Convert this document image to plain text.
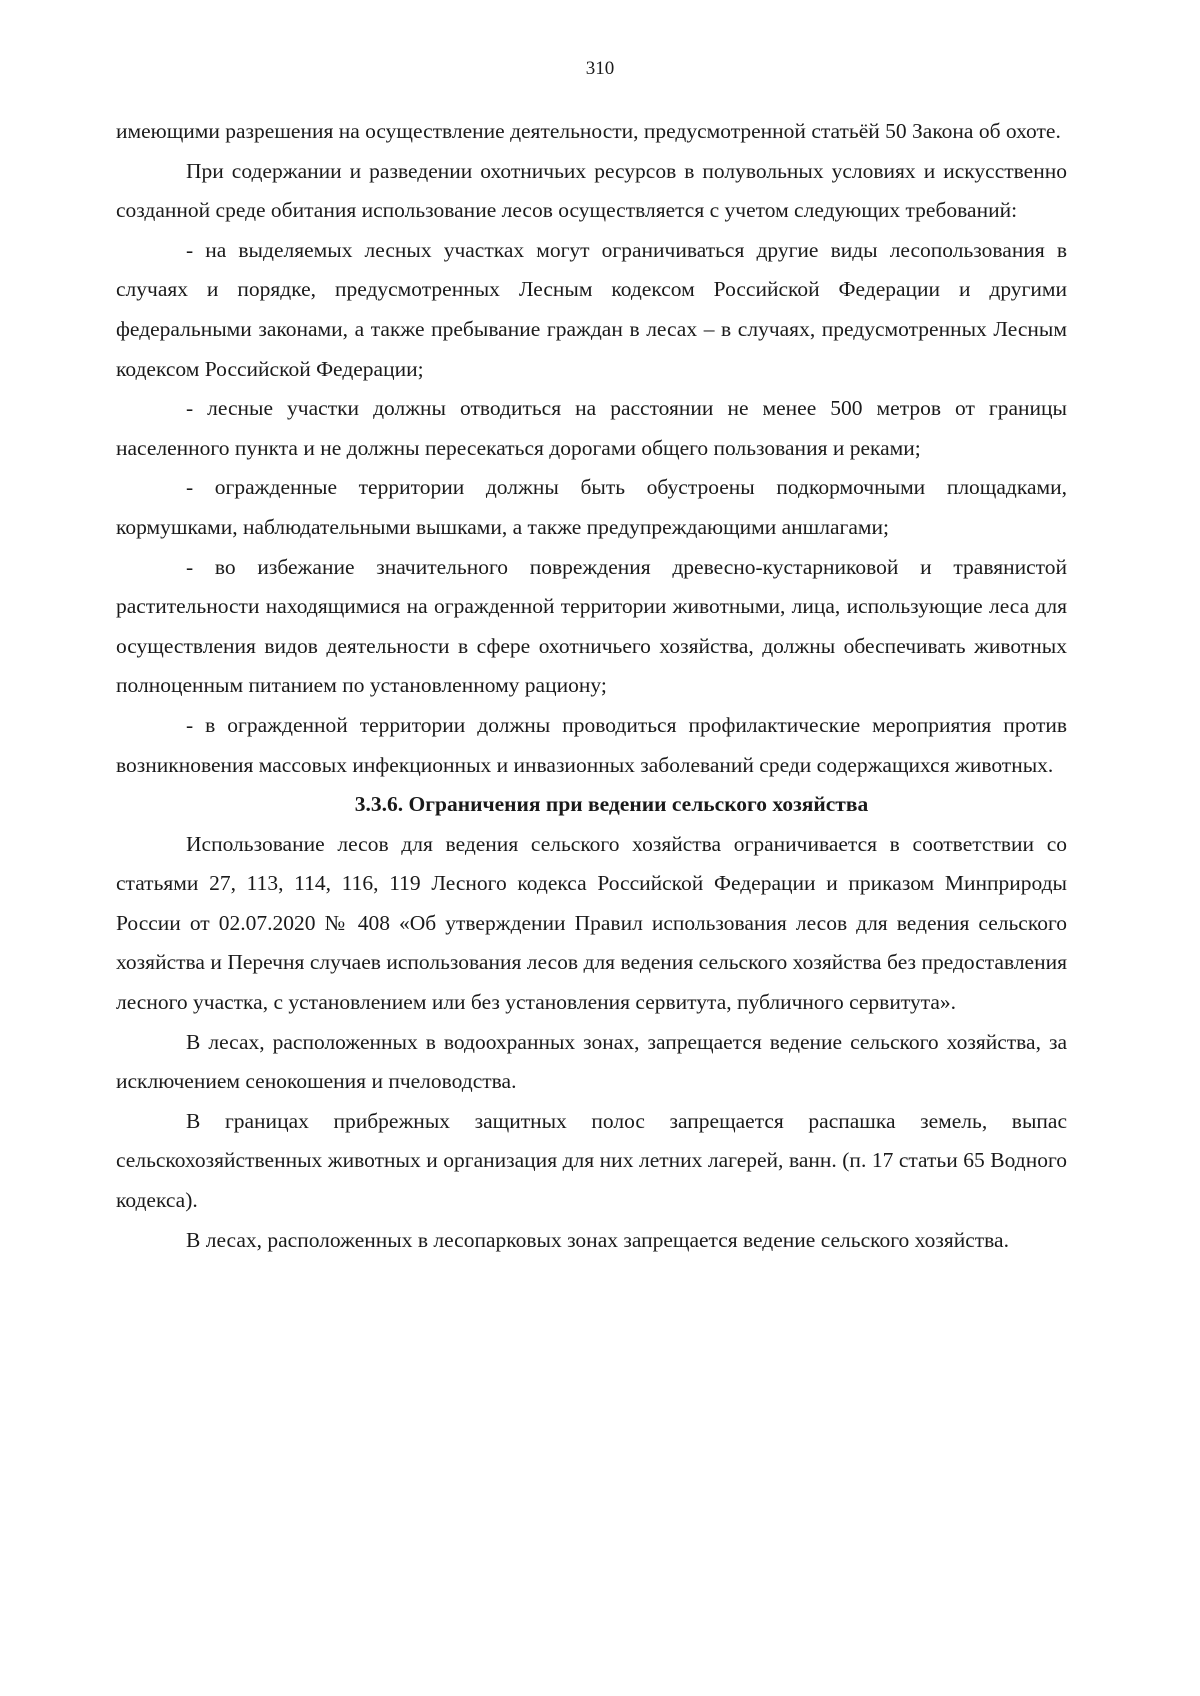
310

имеющими разрешения на осуществление деятельности, предусмотренной статьёй 50 Закона об охоте.

При содержании и разведении охотничьих ресурсов в полувольных условиях и искусственно созданной среде обитания использование лесов осуществляется с учетом следующих требований:

- на выделяемых лесных участках могут ограничиваться другие виды лесопользования в случаях и порядке, предусмотренных Лесным кодексом Российской Федерации и другими федеральными законами, а также пребывание граждан в лесах – в случаях, предусмотренных Лесным кодексом Российской Федерации;

- лесные участки должны отводиться на расстоянии не менее 500 метров от границы населенного пункта и не должны пересекаться дорогами общего пользования и реками;

- огражденные территории должны быть обустроены подкормочными площадками, кормушками, наблюдательными вышками, а также предупреждающими аншлагами;

- во избежание значительного повреждения древесно-кустарниковой и травянистой растительности находящимися на огражденной территории животными, лица, использующие леса для осуществления видов деятельности в сфере охотничьего хозяйства, должны обеспечивать животных полноценным питанием по установленному рациону;

- в огражденной территории должны проводиться профилактические мероприятия против возникновения массовых инфекционных и инвазионных заболеваний среди содержащихся животных.

3.3.6. Ограничения при ведении сельского хозяйства

Использование лесов для ведения сельского хозяйства ограничивается в соответствии со статьями 27, 113, 114, 116, 119 Лесного кодекса Российской Федерации и приказом Минприроды России от 02.07.2020 № 408 «Об утверждении Правил использования лесов для ведения сельского хозяйства и Перечня случаев использования лесов для ведения сельского хозяйства без предоставления лесного участка, с установлением или без установления сервитута, публичного сервитута».

В лесах, расположенных в водоохранных зонах, запрещается ведение сельского хозяйства, за исключением сенокошения и пчеловодства.

В границах прибрежных защитных полос запрещается распашка земель, выпас сельскохозяйственных животных и организация для них летних лагерей, ванн. (п. 17 статьи 65 Водного кодекса).

В лесах, расположенных в лесопарковых зонах запрещается ведение сельского хозяйства.
